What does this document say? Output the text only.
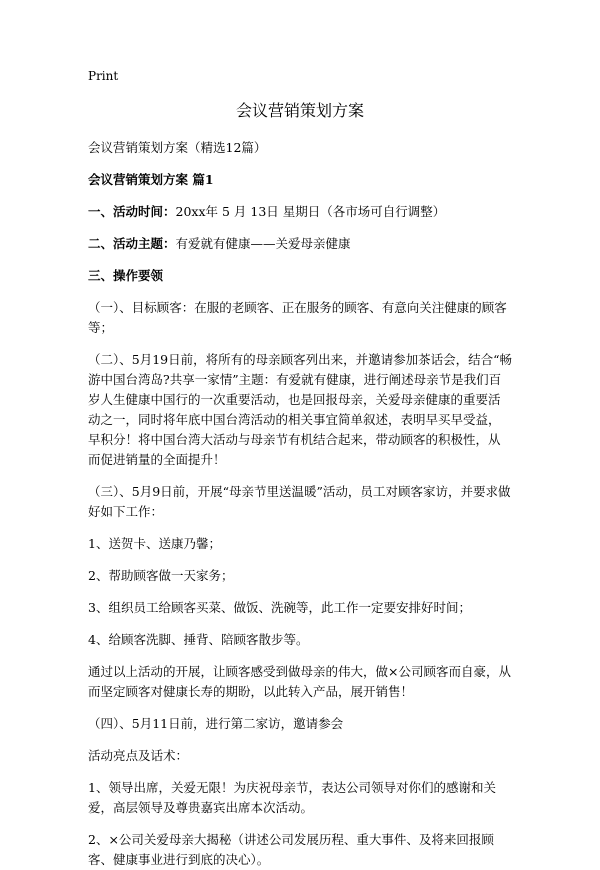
Print
会议营销策划方案

会议营销策划方案（精选12篇）

会议营销策划方案 篇1

一、活动时间：20xx年 5 月 13日 星期日（各市场可自行调整）

二、活动主题：有爱就有健康——关爱母亲健康

三、操作要领

（一）、目标顾客：在服的老顾客、正在服务的顾客、有意向关注健康的顾客等；

（二）、5月19日前，将所有的母亲顾客列出来，并邀请参加茶话会，结合“畅游中国台湾岛?共享一家情”主题：有爱就有健康，进行阐述母亲节是我们百岁人生健康中国行的一次重要活动，也是回报母亲，关爱母亲健康的重要活动之一，同时将年底中国台湾活动的相关事宜简单叙述，表明早买早受益，早积分！将中国台湾大活动与母亲节有机结合起来，带动顾客的积极性，从而促进销量的全面提升！

（三）、5月9日前，开展“母亲节里送温暖”活动，员工对顾客家访，并要求做好如下工作：

1、送贺卡、送康乃馨；

2、帮助顾客做一天家务；

3、组织员工给顾客买菜、做饭、洗碗等，此工作一定要安排好时间；

4、给顾客洗脚、捶背、陪顾客散步等。

通过以上活动的开展，让顾客感受到做母亲的伟大，做×公司顾客而自豪，从而坚定顾客对健康长寿的期盼，以此转入产品，展开销售！

（四）、5月11日前，进行第二家访，邀请参会

活动亮点及话术：

1、领导出席，关爱无限！为庆祝母亲节，表达公司领导对你们的感谢和关爱，高层领导及尊贵嘉宾出席本次活动。

2、×公司关爱母亲大揭秘（讲述公司发展历程、重大事件、及将来回报顾客、健康事业进行到底的决心）。
